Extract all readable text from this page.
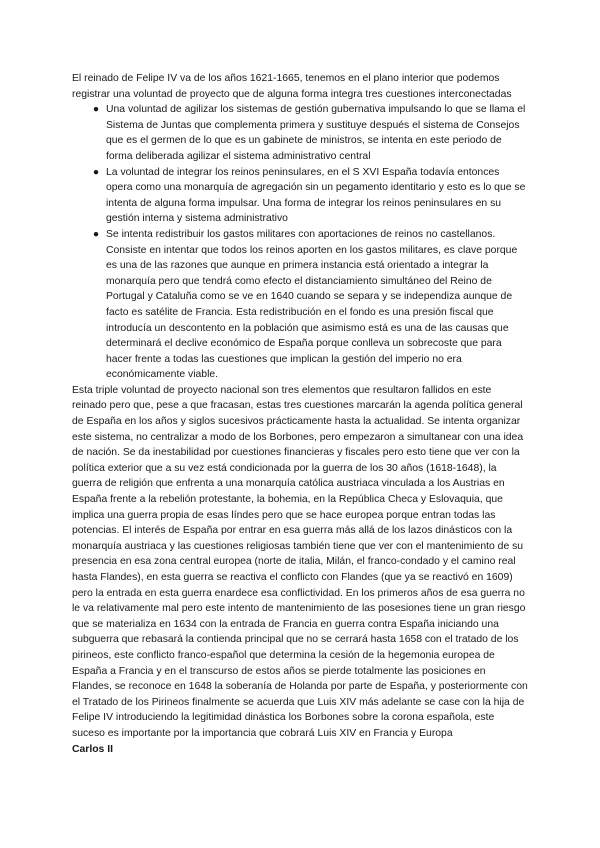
El reinado de Felipe IV va de los años 1621-1665, tenemos en el plano interior que podemos registrar una voluntad de proyecto que de alguna forma integra tres cuestiones interconectadas

● Una voluntad de agilizar los sistemas de gestión gubernativa impulsando lo que se llama el Sistema de Juntas que complementa primera y sustituye después el sistema de Consejos que es el germen de lo que es un gabinete de ministros, se intenta en este periodo de forma deliberada agilizar el sistema administrativo central
● La voluntad de integrar los reinos peninsulares, en el S XVI España todavía entonces opera como una monarquía de agregación sin un pegamento identitario y esto es lo que se intenta de alguna forma impulsar. Una forma de integrar los reinos peninsulares en su gestión interna y sistema administrativo
● Se intenta redistribuir los gastos militares con aportaciones de reinos no castellanos. Consiste en intentar que todos los reinos aporten en los gastos militares, es clave porque es una de las razones que aunque en primera instancia está orientado a integrar la monarquía pero que tendrá como efecto el distanciamiento simultáneo del Reino de Portugal y Cataluña como se ve en 1640 cuando se separa y se independiza aunque de facto es satélite de Francia. Esta redistribución en el fondo es una presión fiscal que introducía un descontento en la población que asimismo está es una de las causas que determinará el declive económico de España porque conlleva un sobrecoste que para hacer frente a todas las cuestiones que implican la gestión del imperio no era económicamente viable.

Esta triple voluntad de proyecto nacional son tres elementos que resultaron fallidos en este reinado pero que, pese a que fracasan, estas tres cuestiones marcarán la agenda política general de España en los años y siglos sucesivos prácticamente hasta la actualidad. Se intenta organizar este sistema, no centralizar a modo de los Borbones, pero empezaron a simultanear con una idea de nación. Se da inestabilidad por cuestiones financieras y fiscales pero esto tiene que ver con la política exterior que a su vez está condicionada por la guerra de los 30 años (1618-1648), la guerra de religión que enfrenta a una monarquía católica austriaca vinculada a los Austrias en España frente a la rebelión protestante, la bohemia, en la República Checa y Eslovaquia, que implica una guerra propia de esas líndes pero que se hace europea porque entran todas las potencias. El interés de España por entrar en esa guerra más allá de los lazos dinásticos con la monarquía austriaca y las cuestiones religiosas también tiene que ver con el mantenimiento de su presencia en esa zona central europea (norte de italia, Milán, el franco-condado y el camino real hasta Flandes), en esta guerra se reactiva el conflicto con Flandes (que ya se reactivó en 1609) pero la entrada en esta guerra enardece esa conflictividad. En los primeros años de esa guerra no le va relativamente mal pero este intento de mantenimiento de las posesiones tiene un gran riesgo que se materializa en 1634 con la entrada de Francia en guerra contra España iniciando una subguerra que rebasará la contienda principal que no se cerrará hasta 1658 con el tratado de los pirineos, este conflicto franco-español que determina la cesión de la hegemonia europea de España a Francia y en el transcurso de estos años se pierde totalmente las posiciones en Flandes, se reconoce en 1648 la soberanía de Holanda por parte de España, y posteriormente con el Tratado de los Pirineos finalmente se acuerda que Luis XIV más adelante se case con la hija de Felipe IV introduciendo la legitimidad dinástica los Borbones sobre la corona española, este suceso es importante por la importancia que cobrará Luis XIV en Francia y Europa

Carlos II
